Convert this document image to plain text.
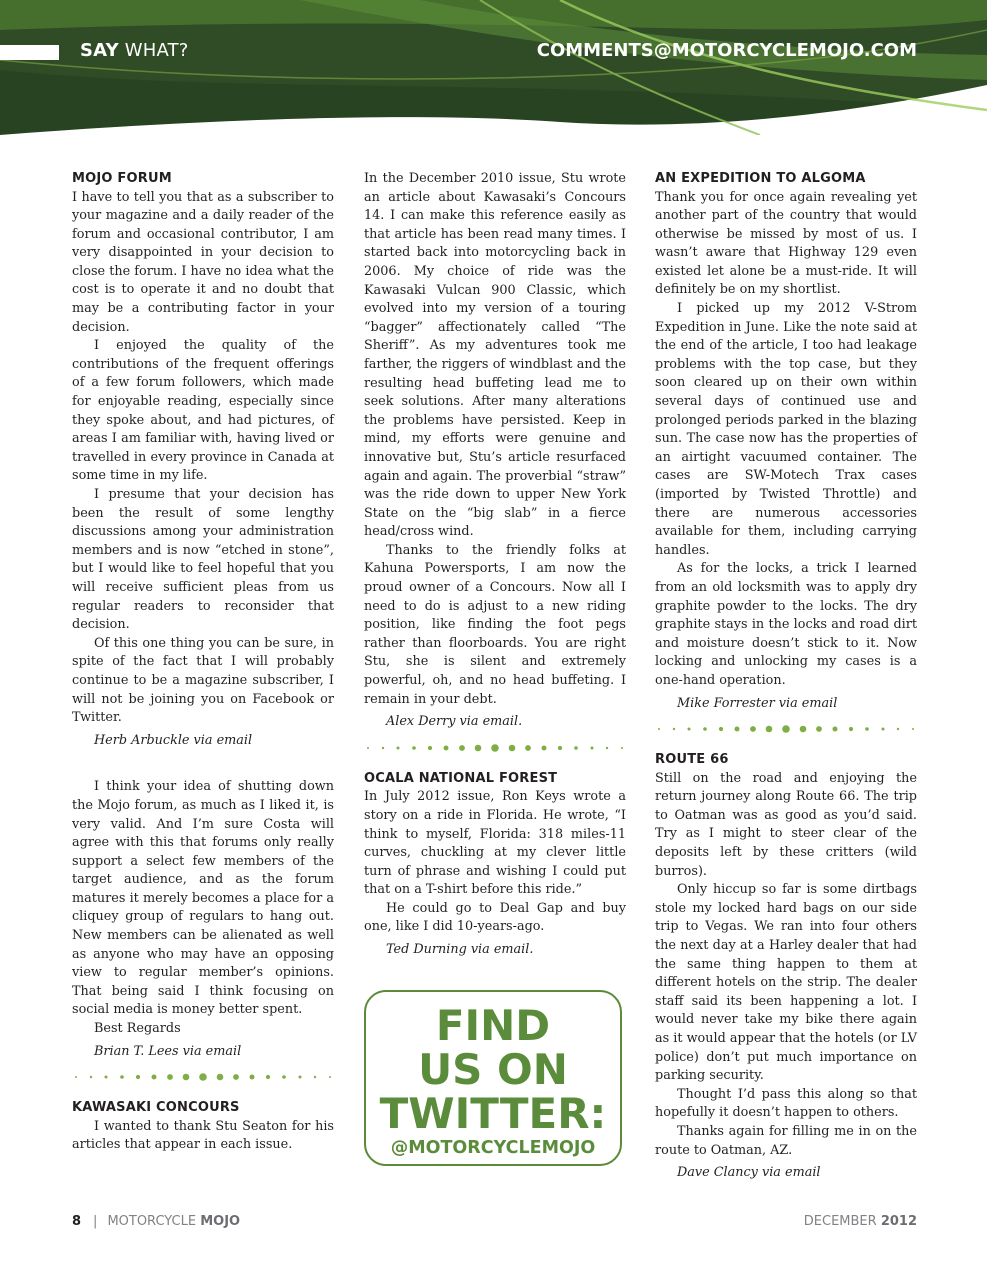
SAY WHAT?	COMMENTS@MOTORCYCLEMOJO.COM
MOJO FORUM

I have to tell you that as a subscriber to your magazine and a daily reader of the forum and occasional contributor, I am very disappointed in your decision to close the forum. I have no idea what the cost is to operate it and no doubt that may be a contributing factor in your decision.

I enjoyed the quality of the contributions of the frequent offerings of a few forum followers, which made for enjoyable reading, especially since they spoke about, and had pictures, of areas I am familiar with, having lived or travelled in every province in Canada at some time in my life.

I presume that your decision has been the result of some lengthy discussions among your administration members and is now “etched in stone”, but I would like to feel hopeful that you will receive sufficient pleas from us regular readers to reconsider that decision.

Of this one thing you can be sure, in spite of the fact that I will probably continue to be a magazine subscriber, I will not be joining you on Facebook or Twitter.

Herb Arbuckle via email

I think your idea of shutting down the Mojo forum, as much as I liked it, is very valid. And I’m sure Costa will agree with this that forums only really support a select few members of the target audience, and as the forum matures it merely becomes a place for a cliquey group of regulars to hang out. New members can be alienated as well as anyone who may have an opposing view to regular member’s opinions. That being said I think focusing on social media is money better spent.

Best Regards

Brian T. Lees via email

KAWASAKI CONCOURS

I wanted to thank Stu Seaton for his articles that appear in each issue.

In the December 2010 issue, Stu wrote an article about Kawasaki’s Concours 14. I can make this reference easily as that article has been read many times. I started back into motorcycling back in 2006. My choice of ride was the Kawasaki Vulcan 900 Classic, which evolved into my version of a touring “bagger” affectionately called “The Sheriff”. As my adventures took me farther, the riggers of windblast and the resulting head buffeting lead me to seek solutions. After many alterations the problems have persisted. Keep in mind, my efforts were genuine and innovative but, Stu’s article resurfaced again and again. The proverbial “straw” was the ride down to upper New York State on the “big slab” in a fierce head/cross wind.

Thanks to the friendly folks at Kahuna Powersports, I am now the proud owner of a Concours. Now all I need to do is adjust to a new riding position, like finding the foot pegs rather than floorboards. You are right Stu, she is silent and extremely powerful, oh, and no head buffeting. I remain in your debt.

Alex Derry via email.

OCALA NATIONAL FOREST

In July 2012 issue, Ron Keys wrote a story on a ride in Florida. He wrote, “I think to myself, Florida: 318 miles-11 curves, chuckling at my clever little turn of phrase and wishing I could put that on a T-shirt before this ride.”

He could go to Deal Gap and buy one, like I did 10-years-ago.

Ted Durning via email.

FIND
US ON
TWITTER:
@MOTORCYCLEMOJO
AN EXPEDITION TO ALGOMA

Thank you for once again revealing yet another part of the country that would otherwise be missed by most of us. I wasn’t aware that Highway 129 even existed let alone be a must-ride. It will definitely be on my shortlist.

I picked up my 2012 V-Strom Expedition in June. Like the note said at the end of the article, I too had leakage problems with the top case, but they soon cleared up on their own within several days of continued use and prolonged periods parked in the blazing sun. The case now has the properties of an airtight vacuumed container. The cases are SW-Motech Trax cases (imported by Twisted Throttle) and there are numerous accessories available for them, including carrying handles.

As for the locks, a trick I learned from an old locksmith was to apply dry graphite powder to the locks. The dry graphite stays in the locks and road dirt and moisture doesn’t stick to it. Now locking and unlocking my cases is a one-hand operation.

Mike Forrester via email

ROUTE 66

Still on the road and enjoying the return journey along Route 66. The trip to Oatman was as good as you’d said. Try as I might to steer clear of the deposits left by these critters (wild burros).

Only hiccup so far is some dirtbags stole my locked hard bags on our side trip to Vegas. We ran into four others the next day at a Harley dealer that had the same thing happen to them at different hotels on the strip. The dealer staff said its been happening a lot. I would never take my bike there again as it would appear that the hotels (or LV police) don’t put much importance on parking security.

Thought I’d pass this along so that hopefully it doesn’t happen to others.

Thanks again for filling me in on the route to Oatman, AZ.

Dave Clancy via email

8 | MOTORCYCLE MOJO	DECEMBER 2012
